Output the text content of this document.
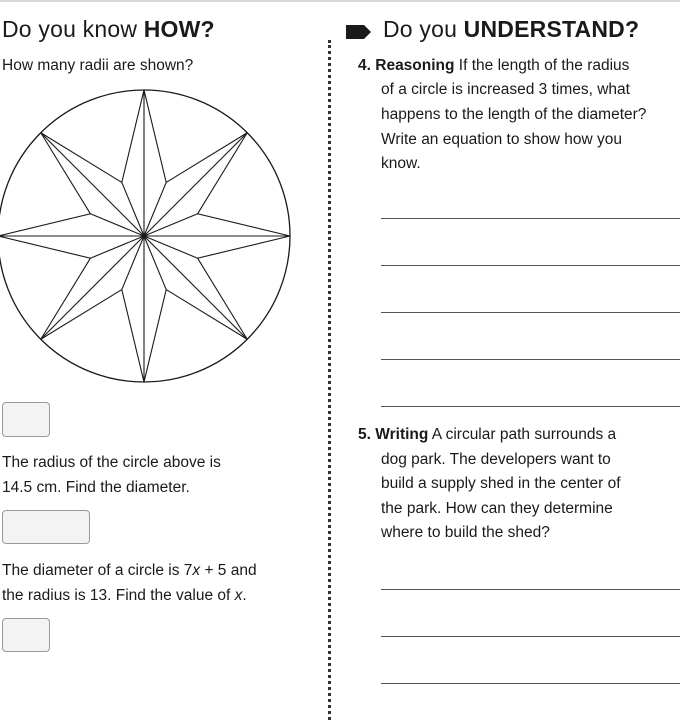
Do you know HOW?	Do you UNDERSTAND?
How many radii are shown?
The radius of the circle above is
14.5 cm. Find the diameter.
The diameter of a circle is 7x + 5 and
the radius is 13. Find the value of x.
4. Reasoning If the length of the radius
of a circle is increased 3 times, what
happens to the length of the diameter?
Write an equation to show how you
know.
5. Writing A circular path surrounds a
dog park. The developers want to
build a supply shed in the center of
the park. How can they determine
where to build the shed?
